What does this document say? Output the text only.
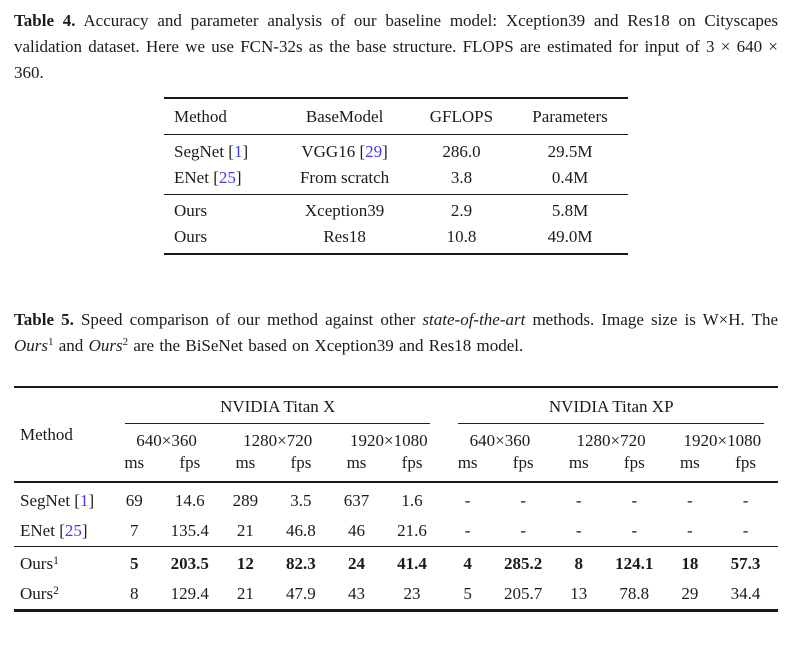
Table 4. Accuracy and parameter analysis of our baseline model: Xception39 and Res18 on Cityscapes validation dataset. Here we use FCN-32s as the base structure. FLOPS are estimated for input of 3 × 640 × 360.

Method	BaseModel	GFLOPS	Parameters
SegNet [1]	VGG16 [29]	286.0	29.5M
ENet [25]	From scratch	3.8	0.4M
Ours	Xception39	2.9	5.8M
Ours	Res18	10.8	49.0M

Table 5. Speed comparison of our method against other state-of-the-art methods. Image size is W×H. The Ours$^1$ and Ours$^2$ are the BiSeNet based on Xception39 and Res18 model.

Method	NVIDIA Titan X						NVIDIA Titan XP					

	640×360		1280×720		1920×1080		640×360		1280×720		1920×1080	
	ms	fps	ms	fps	ms	fps	ms	fps	ms	fps	ms	fps
SegNet [1]	69	14.6	289	3.5	637	1.6	-	-	-	-	-	-
ENet [25]	7	135.4	21	46.8	46	21.6	-	-	-	-	-	-
Ours$^1$	5	203.5	12	82.3	24	41.4	4	285.2	8	124.1	18	57.3
Ours$^2$	8	129.4	21	47.9	43	23	5	205.7	13	78.8	29	34.4
